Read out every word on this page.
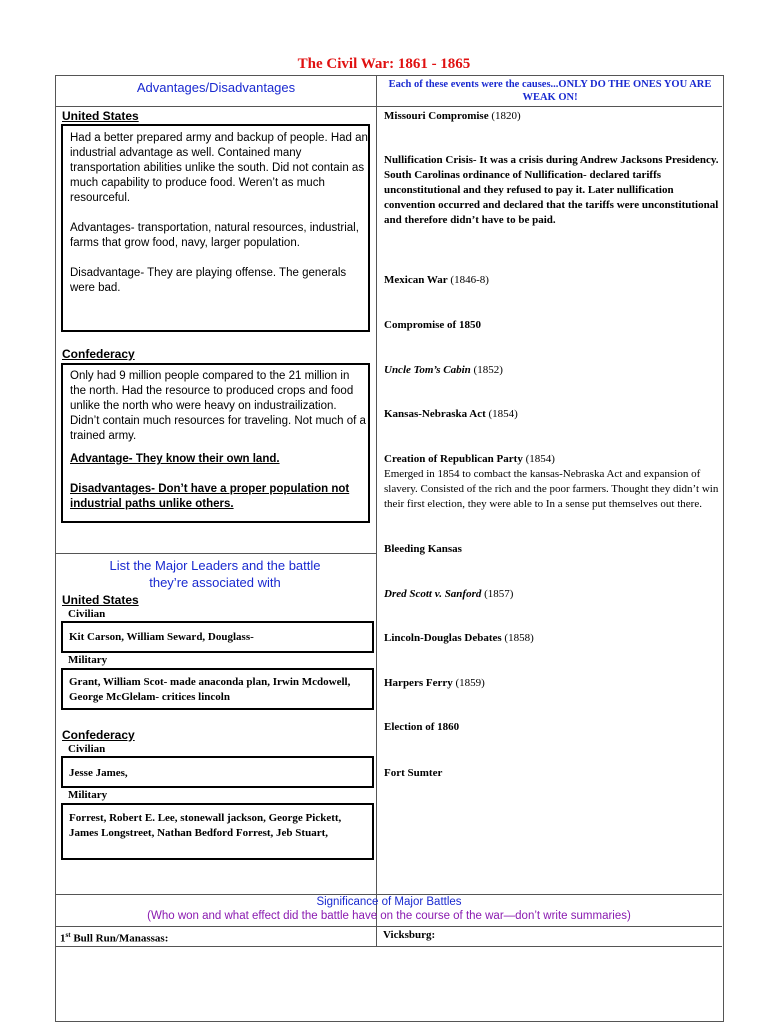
The Civil War: 1861 - 1865
Advantages/Disadvantages	Each of these events were the causes...ONLY DO THE ONES YOU ARE WEAK ON!
United States

Had a better prepared army and backup of people. Had an industrial advantage as well. Contained many transportation abilities unlike the south. Did not contain as much capability to produce food. Weren’t as much resourceful.

Advantages- transportation, natural resources, industrial, farms that grow food, navy, larger population.

Disadvantage- They are playing offense. The generals were bad.

Confederacy

Only had 9 million people compared to the 21 million in the north. Had the resource to produced crops and food unlike the north who were heavy on industrailization. Didn’t contain much resources for traveling. Not much of a trained army.

Advantage- They know their own land.

Disadvantages- Don’t have a proper population not industrial paths unlike others.

List the Major Leaders and the battle they’re associated with
United States
Civilian
Kit Carson, William Seward, Douglass-
Military
Grant, William Scot- made anaconda plan, Irwin Mcdowell, George McGlelam- critices lincoln
Confederacy
Civilian
Jesse James,
Military
Forrest, Robert E. Lee, stonewall jackson, George Pickett, James Longstreet, Nathan Bedford Forrest, Jeb Stuart,
Missouri Compromise (1820)
Nullification Crisis- It was a crisis during Andrew Jacksons Presidency. South Carolinas ordinance of Nullification- declared tariffs unconstitutional and they refused to pay it. Later nullification convention occurred and declared that the tariffs were unconstitutional and therefore didn’t have to be paid.
Mexican War (1846-8)
Compromise of 1850
Uncle Tom’s Cabin (1852)
Kansas-Nebraska Act (1854)
Creation of Republican Party (1854)
Emerged in 1854 to combact the kansas-Nebraska Act and expansion of slavery. Consisted of the rich and the poor farmers. Thought they didn’t win their first election, they were able to In a sense put themselves out there.
Bleeding Kansas
Dred Scott v. Sanford (1857)
Lincoln-Douglas Debates (1858)
Harpers Ferry (1859)
Election of 1860
Fort Sumter
Significance of Major Battles
(Who won and what effect did the battle have on the course of the war—don’t write summaries)
1st Bull Run/Manassas:	Vicksburg:
